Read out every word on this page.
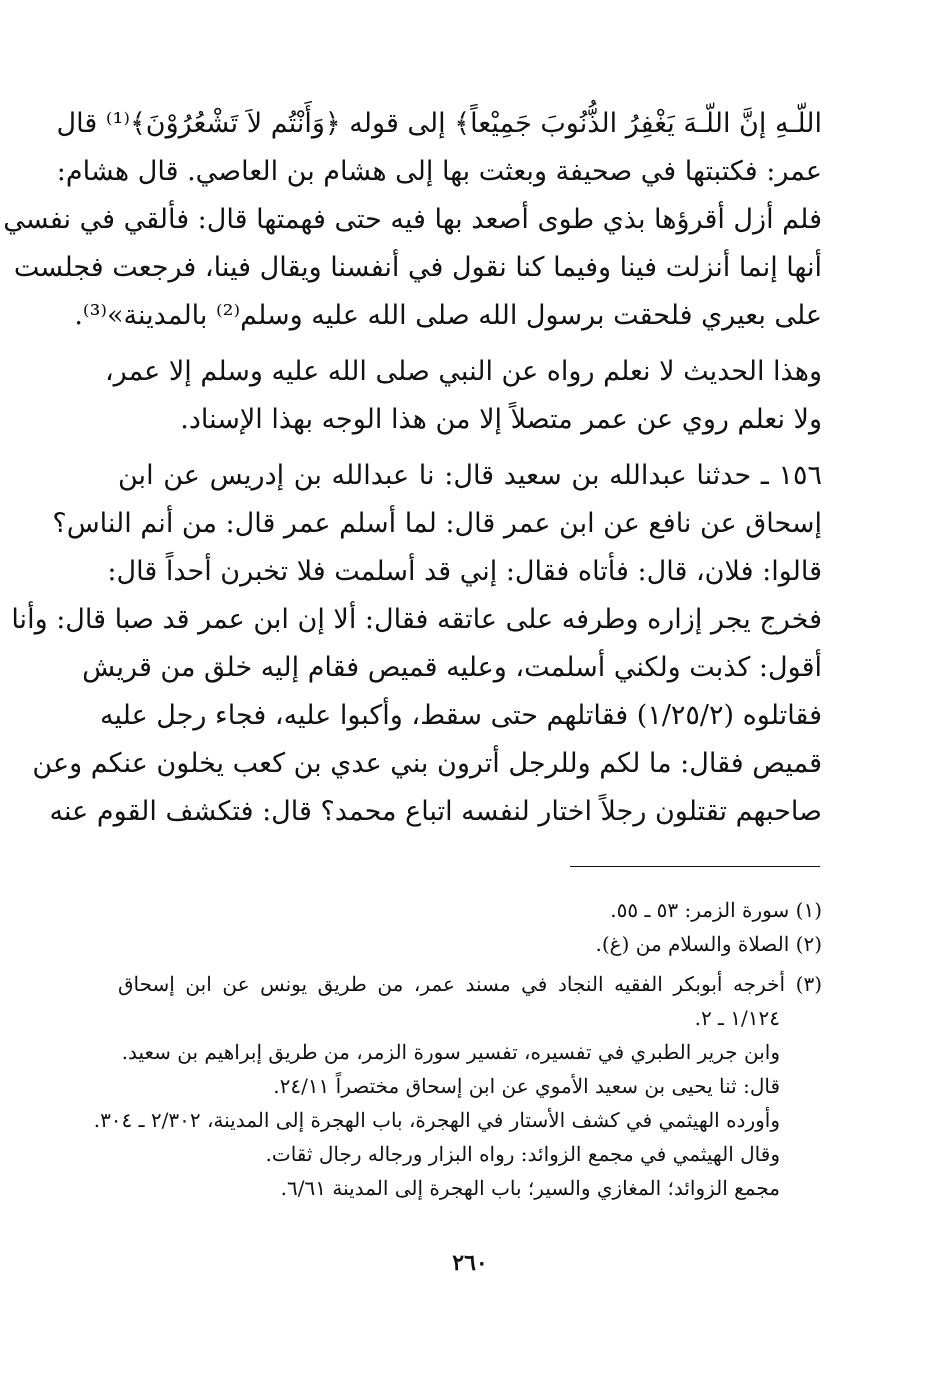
اللّـهِ إنَّ اللّـهَ يَغْفِرُ الذُّنُوبَ جَمِيْعاً﴾ إلى قوله ﴿وَأَنْتُم لاَ تَشْعُرُوْنَ﴾⁽¹⁾ قال
عمر: فكتبتها في صحيفة وبعثت بها إلى هشام بن العاصي. قال هشام:
فلم أزل أقرؤها بذي طوى أصعد بها فيه حتى فهمتها قال: فألقي في نفسي
أنها إنما أنزلت فينا وفيما كنا نقول في أنفسنا ويقال فينا، فرجعت فجلست
على بعيري فلحقت برسول الله صلى الله عليه وسلم⁽²⁾ بالمدينة»⁽³⁾.

وهذا الحديث لا نعلم رواه عن النبي صلى الله عليه وسلم إلا عمر،
ولا نعلم روي عن عمر متصلاً إلا من هذا الوجه بهذا الإسناد.

١٥٦ ـ حدثنا عبدالله بن سعيد قال: نا عبدالله بن إدريس عن ابن
إسحاق عن نافع عن ابن عمر قال: لما أسلم عمر قال: من أنم الناس؟
قالوا: فلان، قال: فأتاه فقال: إني قد أسلمت فلا تخبرن أحداً قال:
فخرج يجر إزاره وطرفه على عاتقه فقال: ألا إن ابن عمر قد صبا قال: وأنا
أقول: كذبت ولكني أسلمت، وعليه قميص فقام إليه خلق من قريش
فقاتلوه (١/٢٥/٢) فقاتلهم حتى سقط، وأكبوا عليه، فجاء رجل عليه
قميص فقال: ما لكم وللرجل أترون بني عدي بن كعب يخلون عنكم وعن
صاحبهم تقتلون رجلاً اختار لنفسه اتباع محمد؟ قال: فتكشف القوم عنه

(١) سورة الزمر: ٥٣ ـ ٥٥.

(٢) الصلاة والسلام من (غ).

(٣) أخرجه أبوبكر الفقيه النجاد في مسند عمر، من طريق يونس عن ابن إسحاق
١/١٢٤ ـ ٢.
وابن جرير الطبري في تفسيره، تفسير سورة الزمر، من طريق إبراهيم بن سعيد.
قال: ثنا يحيى بن سعيد الأموي عن ابن إسحاق مختصراً ٢٤/١١.
وأورده الهيثمي في كشف الأستار في الهجرة، باب الهجرة إلى المدينة، ٢/٣٠٢ ـ ٣٠٤.
وقال الهيثمي في مجمع الزوائد: رواه البزار ورجاله رجال ثقات.
مجمع الزوائد؛ المغازي والسير؛ باب الهجرة إلى المدينة ٦/٦١.

٢٦٠
